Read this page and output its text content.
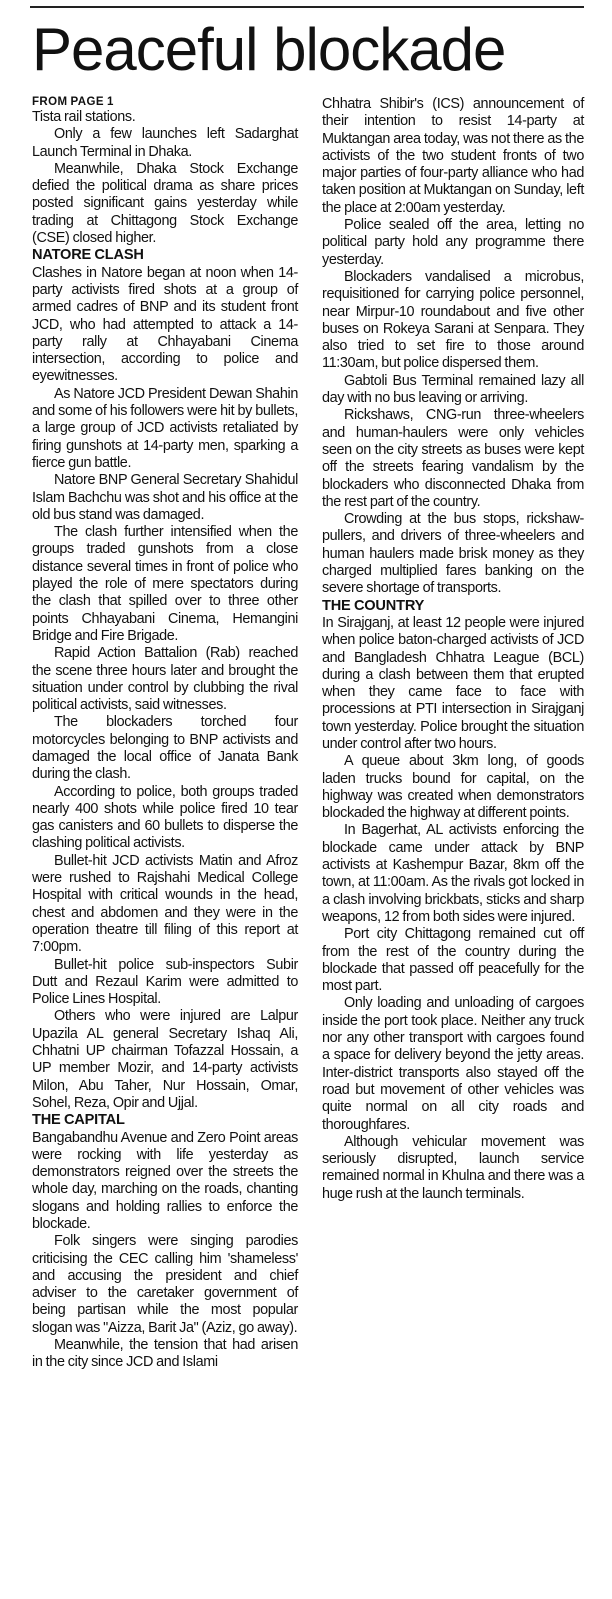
Peaceful blockade
FROM PAGE 1

Tista rail stations.

Only a few launches left Sadarghat Launch Terminal in Dhaka.

Meanwhile, Dhaka Stock Exchange defied the political drama as share prices posted significant gains yesterday while trading at Chittagong Stock Exchange (CSE) closed higher.

NATORE CLASH

Clashes in Natore began at noon when 14-party activists fired shots at a group of armed cadres of BNP and its student front JCD, who had attempted to attack a 14-party rally at Chhayabani Cinema intersection, according to police and eyewitnesses.

As Natore JCD President Dewan Shahin and some of his followers were hit by bullets, a large group of JCD activists retaliated by firing gunshots at 14-party men, sparking a fierce gun battle.

Natore BNP General Secretary Shahidul Islam Bachchu was shot and his office at the old bus stand was damaged.

The clash further intensified when the groups traded gunshots from a close distance several times in front of police who played the role of mere spectators during the clash that spilled over to three other points Chhayabani Cinema, Hemangini Bridge and Fire Brigade.

Rapid Action Battalion (Rab) reached the scene three hours later and brought the situation under control by clubbing the rival political activists, said witnesses.

The blockaders torched four motorcycles belonging to BNP activists and damaged the local office of Janata Bank during the clash.

According to police, both groups traded nearly 400 shots while police fired 10 tear gas canisters and 60 bullets to disperse the clashing political activists.

Bullet-hit JCD activists Matin and Afroz were rushed to Rajshahi Medical College Hospital with critical wounds in the head, chest and abdomen and they were in the operation theatre till filing of this report at 7:00pm.

Bullet-hit police sub-inspectors Subir Dutt and Rezaul Karim were admitted to Police Lines Hospital.

Others who were injured are Lalpur Upazila AL general Secretary Ishaq Ali, Chhatni UP chairman Tofazzal Hossain, a UP member Mozir, and 14-party activists Milon, Abu Taher, Nur Hossain, Omar, Sohel, Reza, Opir and Ujjal.

THE CAPITAL

Bangabandhu Avenue and Zero Point areas were rocking with life yesterday as demonstrators reigned over the streets the whole day, marching on the roads, chanting slogans and holding rallies to enforce the blockade.

Folk singers were singing parodies criticising the CEC calling him 'shameless' and accusing the president and chief adviser to the caretaker government of being partisan while the most popular slogan was "Aizza, Barit Ja" (Aziz, go away).

Meanwhile, the tension that had arisen in the city since JCD and Islami

Chhatra Shibir's (ICS) announcement of their intention to resist 14-party at Muktangan area today, was not there as the activists of the two student fronts of two major parties of four-party alliance who had taken position at Muktangan on Sunday, left the place at 2:00am yesterday.

Police sealed off the area, letting no political party hold any programme there yesterday.

Blockaders vandalised a microbus, requisitioned for carrying police personnel, near Mirpur-10 roundabout and five other buses on Rokeya Sarani at Senpara. They also tried to set fire to those around 11:30am, but police dispersed them.

Gabtoli Bus Terminal remained lazy all day with no bus leaving or arriving.

Rickshaws, CNG-run three-wheelers and human-haulers were only vehicles seen on the city streets as buses were kept off the streets fearing vandalism by the blockaders who disconnected Dhaka from the rest part of the country.

Crowding at the bus stops, rickshaw-pullers, and drivers of three-wheelers and human haulers made brisk money as they charged multiplied fares banking on the severe shortage of transports.

THE COUNTRY

In Sirajganj, at least 12 people were injured when police baton-charged activists of JCD and Bangladesh Chhatra League (BCL) during a clash between them that erupted when they came face to face with processions at PTI intersection in Sirajganj town yesterday. Police brought the situation under control after two hours.

A queue about 3km long, of goods laden trucks bound for capital, on the highway was created when demonstrators blockaded the highway at different points.

In Bagerhat, AL activists enforcing the blockade came under attack by BNP activists at Kashempur Bazar, 8km off the town, at 11:00am. As the rivals got locked in a clash involving brickbats, sticks and sharp weapons, 12 from both sides were injured.

Port city Chittagong remained cut off from the rest of the country during the blockade that passed off peacefully for the most part.

Only loading and unloading of cargoes inside the port took place. Neither any truck nor any other transport with cargoes found a space for delivery beyond the jetty areas. Inter-district transports also stayed off the road but movement of other vehicles was quite normal on all city roads and thoroughfares.

Although vehicular movement was seriously disrupted, launch service remained normal in Khulna and there was a huge rush at the launch terminals.
